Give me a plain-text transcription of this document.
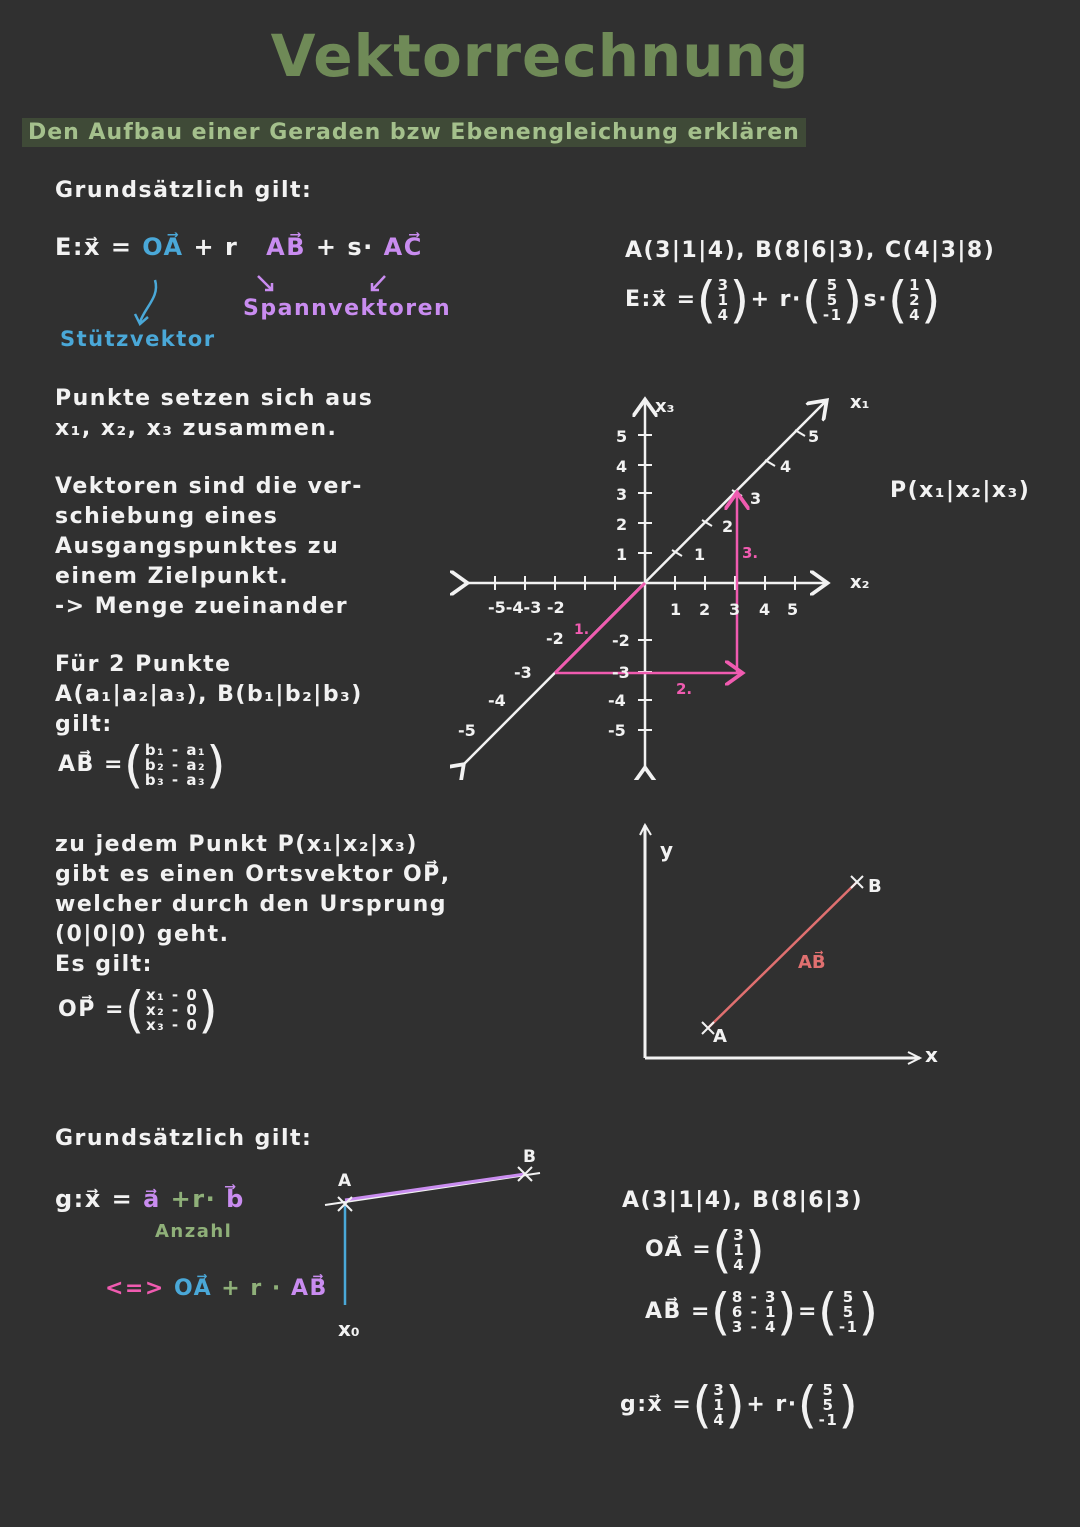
Vektorrechnung
Den Aufbau einer Geraden bzw Ebenengleichung erklären
Grundsätzlich gilt:
E:x⃗ = OA⃗ + r AB⃗ + s· AC⃗
Spannvektoren
Stützvektor
Punkte setzen sich aus
x₁, x₂, x₃ zusammen.
Vektoren sind die ver-
schiebung eines
Ausgangspunktes zu
einem Zielpunkt.
-> Menge zueinander
Für 2 Punkte
A(a₁|a₂|a₃), B(b₁|b₂|b₃)
gilt:
AB⃗ = ( b₁ - a₁
b₂ - a₂
b₃ - a₃ )
zu jedem Punkt P(x₁|x₂|x₃)
gibt es einen Ortsvektor OP⃗,
welcher durch den Ursprung
(0|0|0) geht.
Es gilt:
OP⃗ = ( x₁ - 0
x₂ - 0
x₃ - 0 )
A(3|1|4), B(8|6|3), C(4|3|8)
E:x⃗ = ( 3
1
4 ) + r· ( 5
5
-1 ) s· ( 1
2
4 )
x₃	x₁
x₂
1 2 3 4 5
-5-4-3 -2
1
2
3
4
5
-2
-3
-4
-5
1
2
3
4
5
-2
-3
-4
-5
1.
2.
3.
P(x₁|x₂|x₃)
y
x
A
B
AB⃗
Grundsätzlich gilt:
g:x⃗ = a⃗ +r· b⃗
Anzahl
<=> OA⃗ + r · AB⃗
A
B
x₀
A(3|1|4), B(8|6|3)
OA⃗ = ( 3
1
4 )
AB⃗ = ( 8 - 3
6 - 1
3 - 4 ) = ( 5
5
-1 )
g:x⃗ = ( 3
1
4 ) + r· ( 5
5
-1 )
